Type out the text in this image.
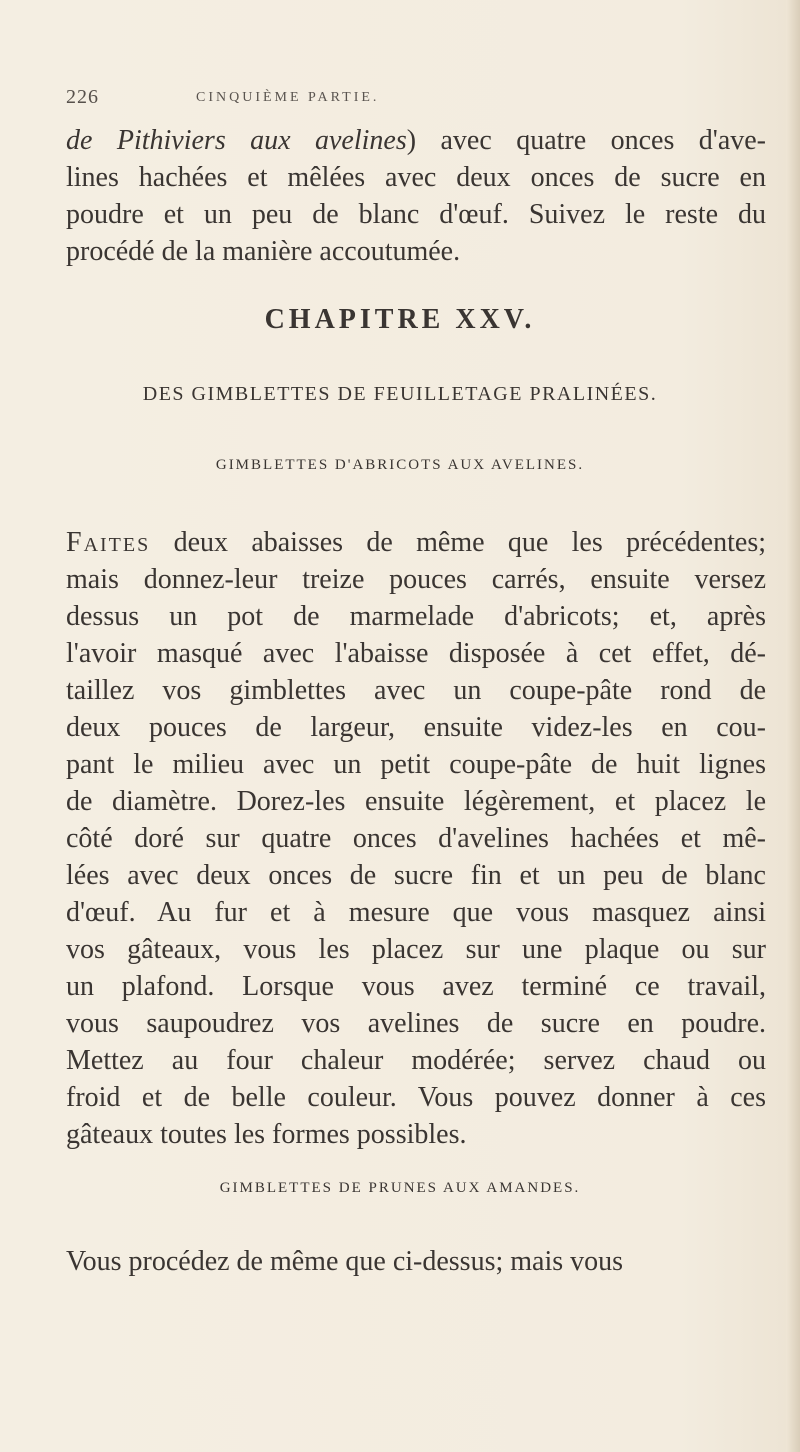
226	CINQUIÈME PARTIE.
de Pithiviers aux avelines) avec quatre onces d'ave-
lines hachées et mêlées avec deux onces de sucre en
poudre et un peu de blanc d'œuf. Suivez le reste du
procédé de la manière accoutumée.
CHAPITRE XXV.
DES GIMBLETTES DE FEUILLETAGE PRALINÉES.
GIMBLETTES D'ABRICOTS AUX AVELINES.
Faites deux abaisses de même que les précédentes;
mais donnez-leur treize pouces carrés, ensuite versez
dessus un pot de marmelade d'abricots; et, après
l'avoir masqué avec l'abaisse disposée à cet effet, dé-
taillez vos gimblettes avec un coupe-pâte rond de
deux pouces de largeur, ensuite videz-les en cou-
pant le milieu avec un petit coupe-pâte de huit lignes
de diamètre. Dorez-les ensuite légèrement, et placez le
côté doré sur quatre onces d'avelines hachées et mê-
lées avec deux onces de sucre fin et un peu de blanc
d'œuf. Au fur et à mesure que vous masquez ainsi
vos gâteaux, vous les placez sur une plaque ou sur
un plafond. Lorsque vous avez terminé ce travail,
vous saupoudrez vos avelines de sucre en poudre.
Mettez au four chaleur modérée; servez chaud ou
froid et de belle couleur. Vous pouvez donner à ces
gâteaux toutes les formes possibles.
GIMBLETTES DE PRUNES AUX AMANDES.
Vous procédez de même que ci-dessus; mais vous
